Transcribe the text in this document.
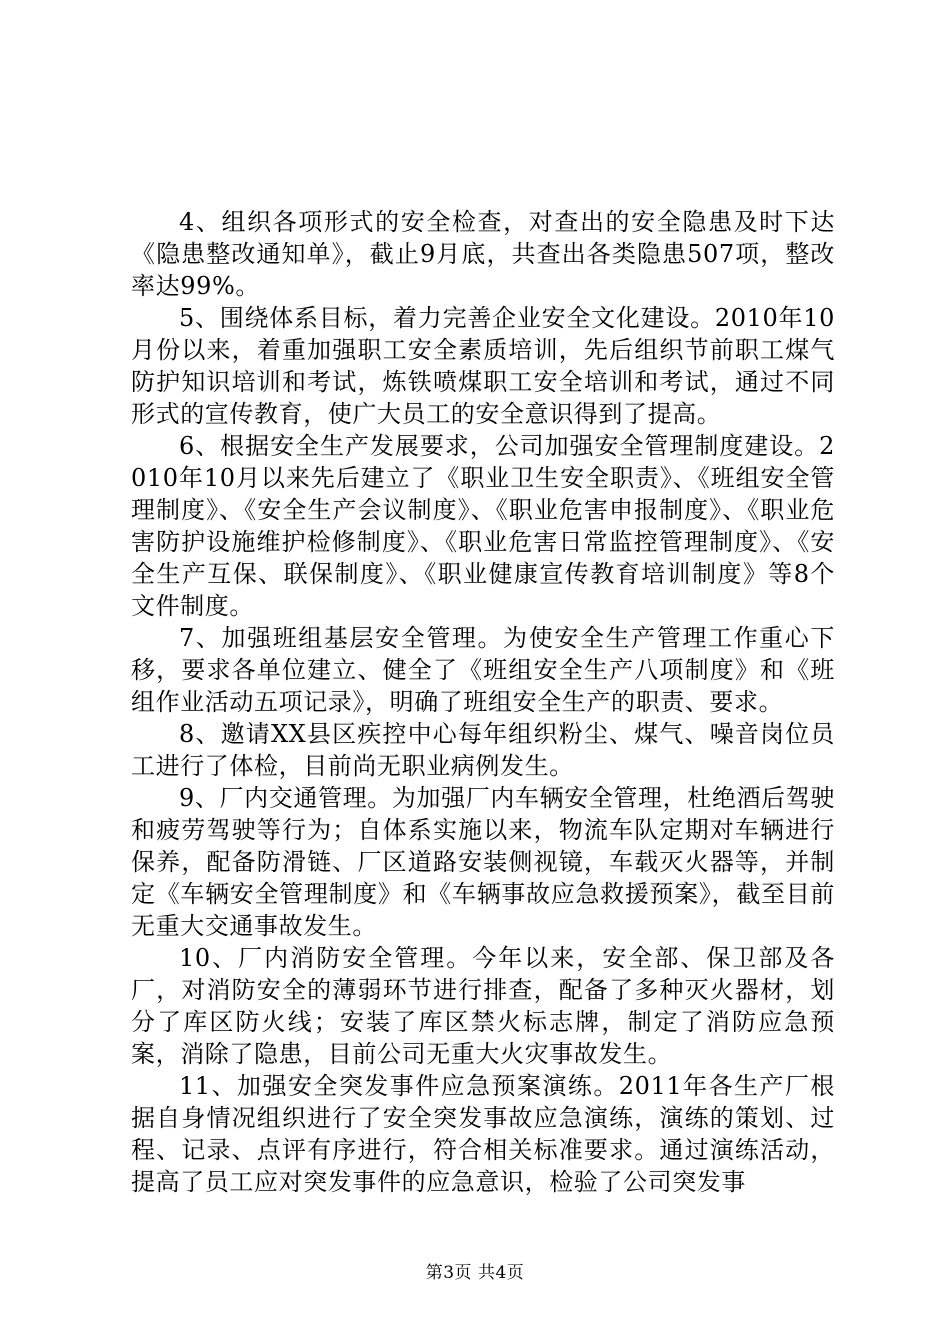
4、组织各项形式的安全检查，对查出的安全隐患及时下达《隐患整改通知单》，截止9月底，共查出各类隐患507项，整改率达99%。

5、围绕体系目标，着力完善企业安全文化建设。2010年10月份以来，着重加强职工安全素质培训，先后组织节前职工煤气防护知识培训和考试，炼铁喷煤职工安全培训和考试，通过不同形式的宣传教育，使广大员工的安全意识得到了提高。

6、根据安全生产发展要求，公司加强安全管理制度建设。2010年10月以来先后建立了《职业卫生安全职责》、《班组安全管理制度》、《安全生产会议制度》、《职业危害申报制度》、《职业危害防护设施维护检修制度》、《职业危害日常监控管理制度》、《安全生产互保、联保制度》、《职业健康宣传教育培训制度》等8个文件制度。

7、加强班组基层安全管理。为使安全生产管理工作重心下移，要求各单位建立、健全了《班组安全生产八项制度》和《班组作业活动五项记录》，明确了班组安全生产的职责、要求。

8、邀请XX县区疾控中心每年组织粉尘、煤气、噪音岗位员工进行了体检，目前尚无职业病例发生。

9、厂内交通管理。为加强厂内车辆安全管理，杜绝酒后驾驶和疲劳驾驶等行为；自体系实施以来，物流车队定期对车辆进行保养，配备防滑链、厂区道路安装侧视镜，车载灭火器等，并制定《车辆安全管理制度》和《车辆事故应急救援预案》，截至目前无重大交通事故发生。

10、厂内消防安全管理。今年以来，安全部、保卫部及各厂，对消防安全的薄弱环节进行排查，配备了多种灭火器材，划分了库区防火线；安装了库区禁火标志牌，制定了消防应急预案，消除了隐患，目前公司无重大火灾事故发生。

11、加强安全突发事件应急预案演练。2011年各生产厂根据自身情况组织进行了安全突发事故应急演练，演练的策划、过程、记录、点评有序进行，符合相关标准要求。通过演练活动，提高了员工应对突发事件的应急意识，检验了公司突发事

第3页 共4页
